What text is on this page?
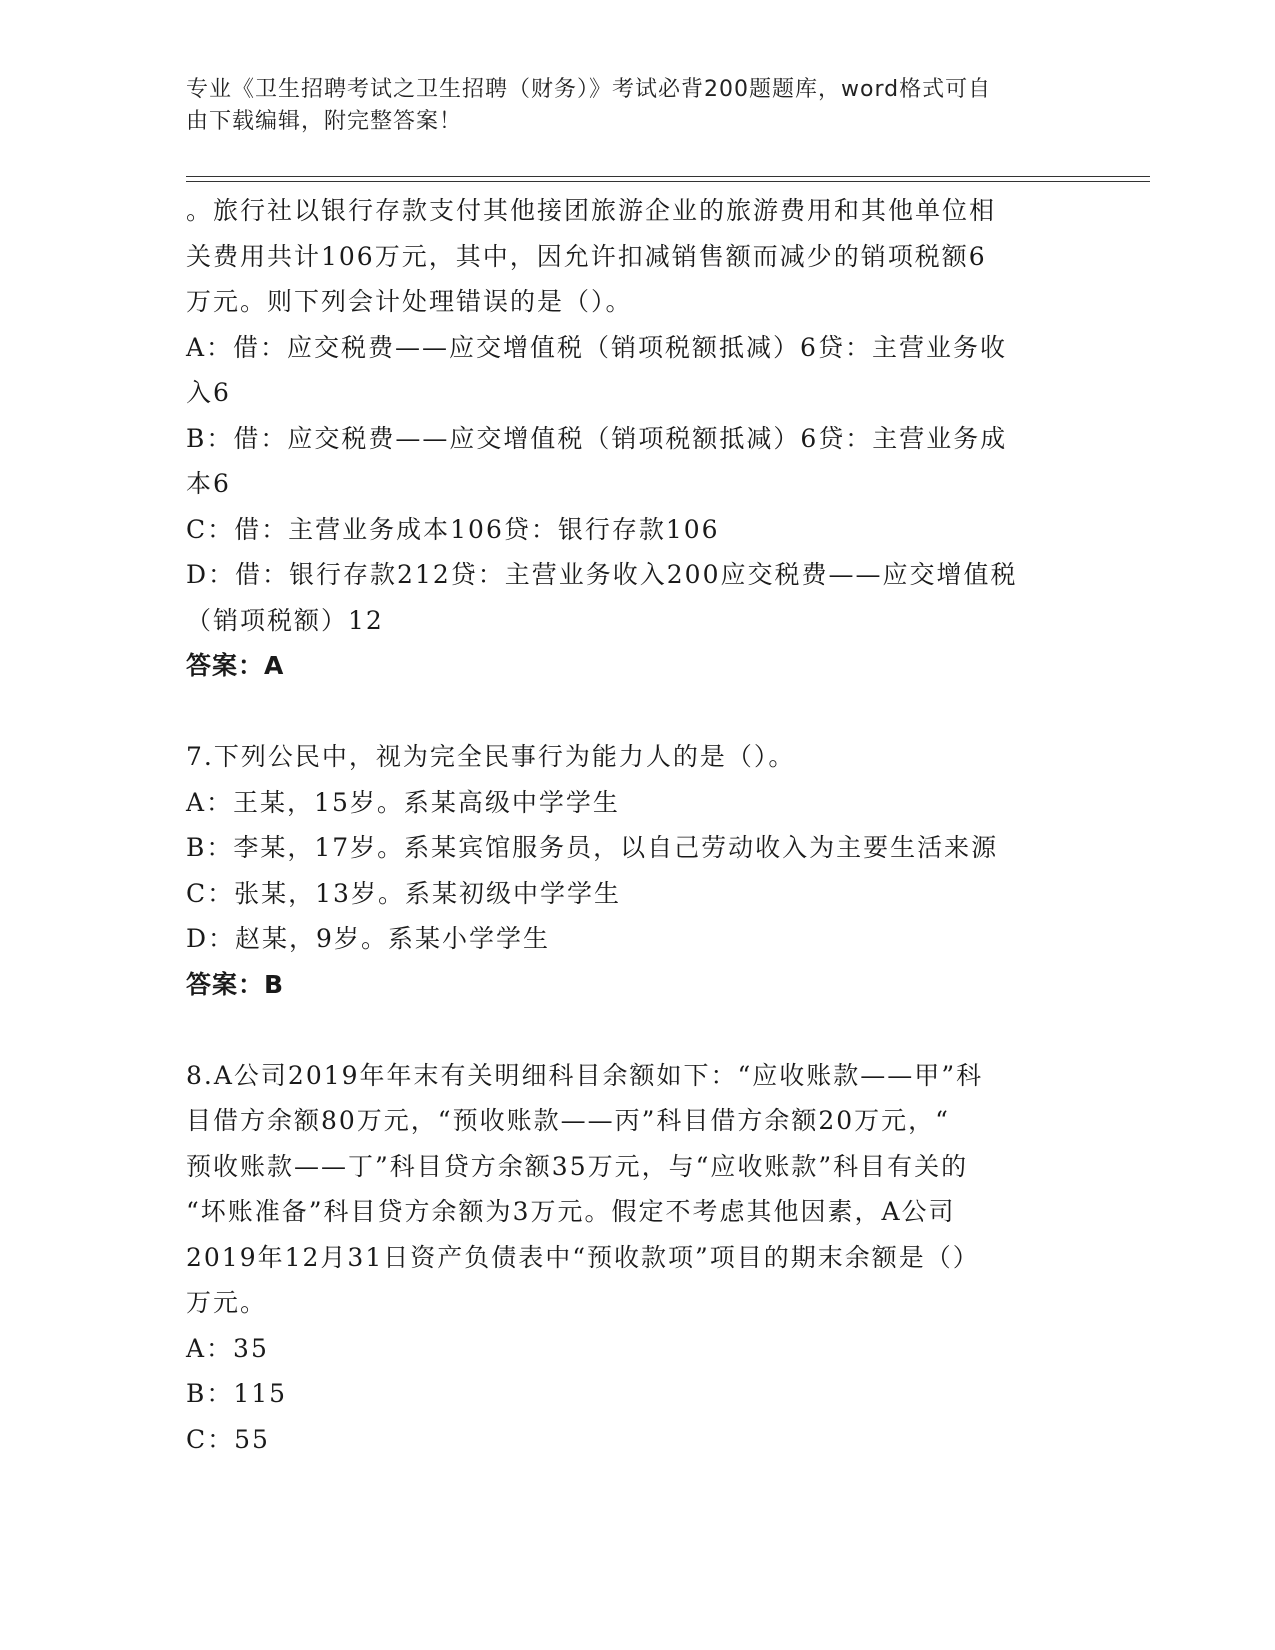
专业《卫生招聘考试之卫生招聘（财务）》考试必背200题题库，word格式可自
由下载编辑，附完整答案！
。旅行社以银行存款支付其他接团旅游企业的旅游费用和其他单位相
关费用共计106万元，其中，因允许扣减销售额而减少的销项税额6
万元。则下列会计处理错误的是（）。
A：借：应交税费——应交增值税（销项税额抵减）6贷：主营业务收
入6
B：借：应交税费——应交增值税（销项税额抵减）6贷：主营业务成
本6
C：借：主营业务成本106贷：银行存款106
D：借：银行存款212贷：主营业务收入200应交税费——应交增值税
（销项税额）12
答案：A
7.下列公民中，视为完全民事行为能力人的是（）。
A：王某，15岁。系某高级中学学生
B：李某，17岁。系某宾馆服务员，以自己劳动收入为主要生活来源
C：张某，13岁。系某初级中学学生
D：赵某，9岁。系某小学学生
答案：B
8.A公司2019年年末有关明细科目余额如下：“应收账款——甲”科
目借方余额80万元，“预收账款——丙”科目借方余额20万元，“
预收账款——丁”科目贷方余额35万元，与“应收账款”科目有关的
“坏账准备”科目贷方余额为3万元。假定不考虑其他因素，A公司
2019年12月31日资产负债表中“预收款项”项目的期末余额是（）
万元。
A：35
B：115
C：55
